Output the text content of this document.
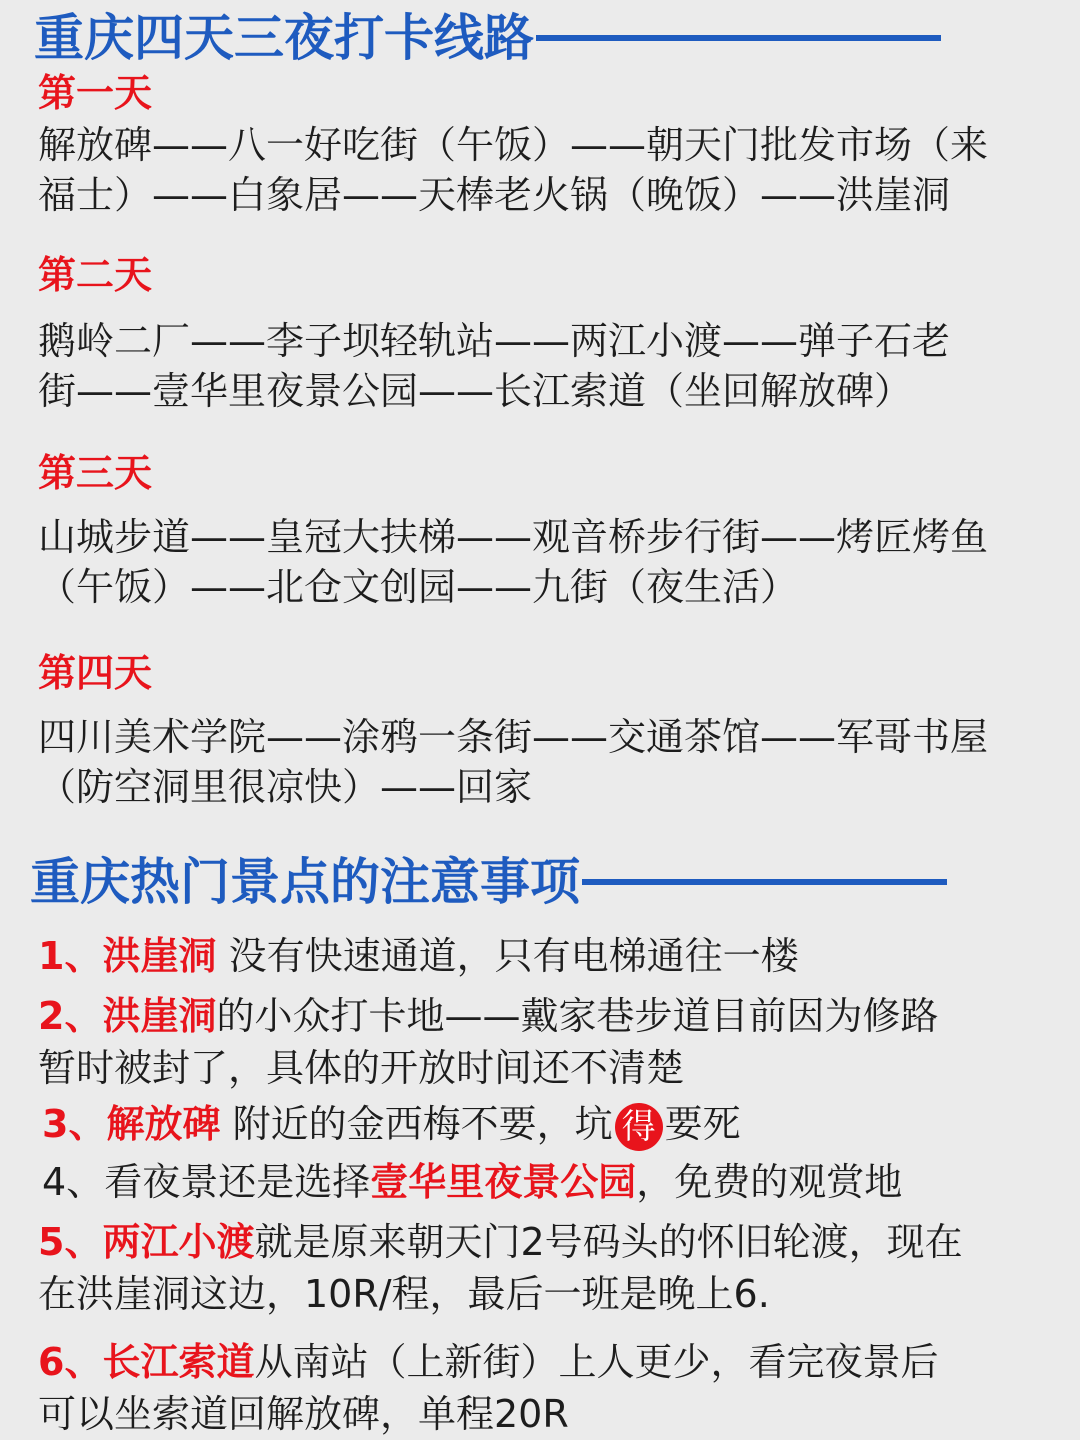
重庆四天三夜打卡线路
第一天
解放碑——八一好吃街（午饭）——朝天门批发市场（来
福士）——白象居——天棒老火锅（晚饭）——洪崖洞
第二天
鹅岭二厂——李子坝轻轨站——两江小渡——弹子石老
街——壹华里夜景公园——长江索道（坐回解放碑）
第三天
山城步道——皇冠大扶梯——观音桥步行街——烤匠烤鱼
（午饭）——北仓文创园——九街（夜生活）
第四天
四川美术学院——涂鸦一条街——交通茶馆——军哥书屋
（防空洞里很凉快）——回家
重庆热门景点的注意事项
1、洪崖洞 没有快速通道，只有电梯通往一楼
2、洪崖洞的小众打卡地——戴家巷步道目前因为修路
暂时被封了，具体的开放时间还不清楚
3、解放碑 附近的金西梅不要，坑 得 要死
4、看夜景还是选择壹华里夜景公园，免费的观赏地
5、两江小渡就是原来朝天门2号码头的怀旧轮渡，现在
在洪崖洞这边，10R/程，最后一班是晚上6.
6、长江索道从南站（上新街）上人更少，看完夜景后
可以坐索道回解放碑，单程20R
